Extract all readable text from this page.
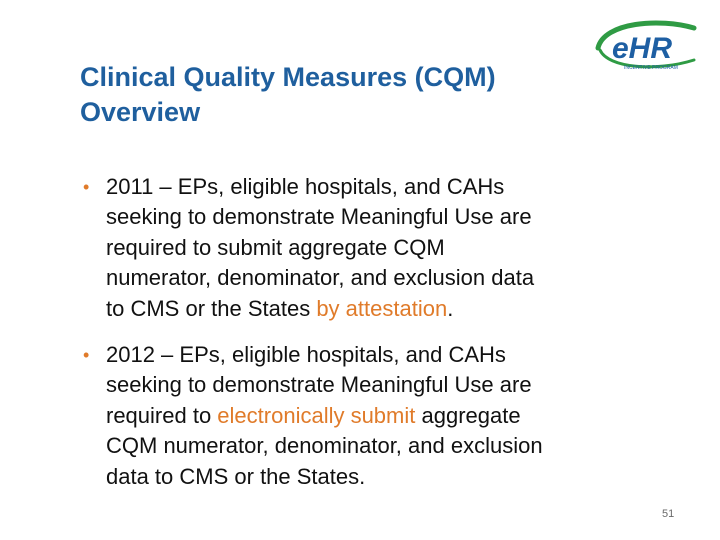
eHR
INCENTIVE PROGRAM
Clinical Quality Measures (CQM)
Overview
• 2011 – EPs, eligible hospitals, and CAHs
seeking to demonstrate Meaningful Use are
required to submit aggregate CQM
numerator, denominator, and exclusion data
to CMS or the States by attestation.
• 2012 – EPs, eligible hospitals, and CAHs
seeking to demonstrate Meaningful Use are
required to electronically submit aggregate
CQM numerator, denominator, and exclusion
data to CMS or the States.
51
